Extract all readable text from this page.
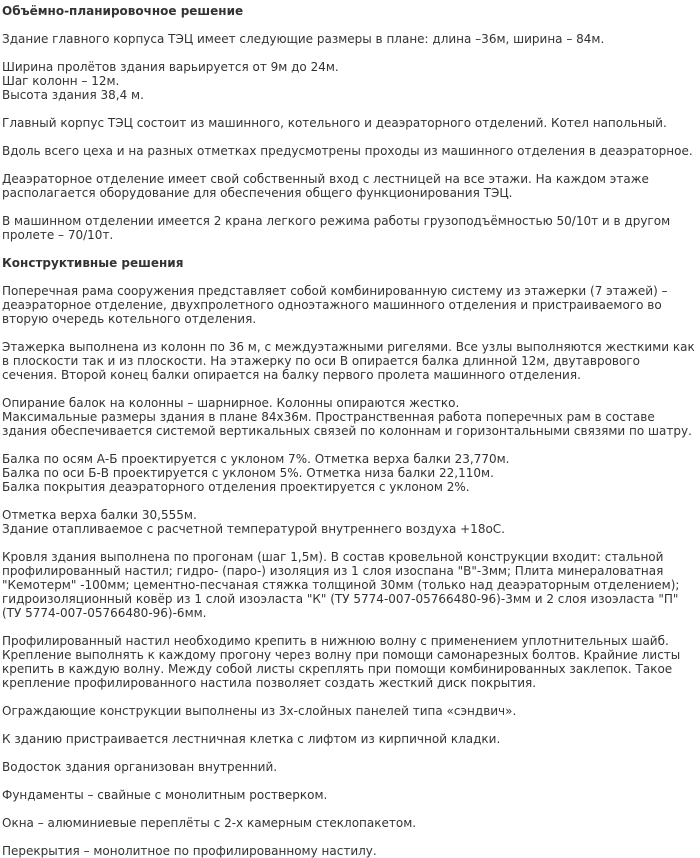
Объёмно-планировочное решение

Здание главного корпуса ТЭЦ имеет следующие размеры в плане: длина –36м, ширина – 84м.

Ширина пролётов здания варьируется от 9м до 24м.

Шаг колонн – 12м.

Высота здания 38,4 м.

Главный корпус ТЭЦ состоит из машинного, котельного и деаэраторного отделений. Котел напольный.

Вдоль всего цеха и на разных отметках предусмотрены проходы из машинного отделения в деаэраторное.

Деаэраторное отделение имеет свой собственный вход с лестницей на все этажи. На каждом этаже располагается оборудование для обеспечения общего функционирования ТЭЦ.

В машинном отделении имеется 2 крана легкого режима работы грузоподъёмностью 50/10т и в другом пролете – 70/10т.

Конструктивные решения

Поперечная рама сооружения представляет собой комбинированную систему из этажерки (7 этажей) – деаэраторное отделение, двухпролетного одноэтажного машинного отделения и пристраиваемого во вторую очередь котельного отделения.

Этажерка выполнена из колонн по 36 м, с междуэтажными ригелями. Все узлы выполняются жесткими как в плоскости так и из плоскости. На этажерку по оси В опирается балка длинной 12м, двутаврового сечения. Второй конец балки опирается на балку первого пролета машинного отделения.

Опирание балок на колонны – шарнирное. Колонны опираются жестко.

Максимальные размеры здания в плане 84х36м. Пространственная работа поперечных рам в составе здания обеспечивается системой вертикальных связей по колоннам и горизонтальными связями по шатру.

Балка по осям А-Б проектируется с уклоном 7%. Отметка верха балки 23,770м.

Балка по оси Б-В проектируется с уклоном 5%. Отметка низа балки 22,110м.

Балка покрытия деаэраторного отделения проектируется с уклоном 2%.

Отметка верха балки 30,555м.

Здание отапливаемое с расчетной температурой внутреннего воздуха +18оС.

Кровля здания выполнена по прогонам (шаг 1,5м). В состав кровельной конструкции входит: стальной профилированный настил; гидро- (паро-) изоляция из 1 слоя изоспана "В"-3мм; Плита минераловатная "Кемотерм" -100мм; цементно-песчаная стяжка толщиной 30мм (только над деаэраторным отделением); гидроизоляционный ковёр из 1 слой изоэласта "К" (ТУ 5774-007-05766480-96)-3мм и 2 слоя изоэласта "П" (ТУ 5774-007-05766480-96)-6мм.

Профилированный настил необходимо крепить в нижнюю волну с применением уплотнительных шайб. Крепление выполнять к каждому прогону через волну при помощи самонарезных болтов. Крайние листы крепить в каждую волну. Между собой листы скреплять при помощи комбинированных заклепок. Такое крепление профилированного настила позволяет создать жесткий диск покрытия.

Ограждающие конструкции выполнены из 3х-слойных панелей типа «сэндвич».

К зданию пристраивается лестничная клетка с лифтом из кирпичной кладки.

Водосток здания организован внутренний.

Фундаменты – свайные с монолитным ростверком.

Окна – алюминиевые переплёты с 2-х камерным стеклопакетом.

Перекрытия – монолитное по профилированному настилу.
